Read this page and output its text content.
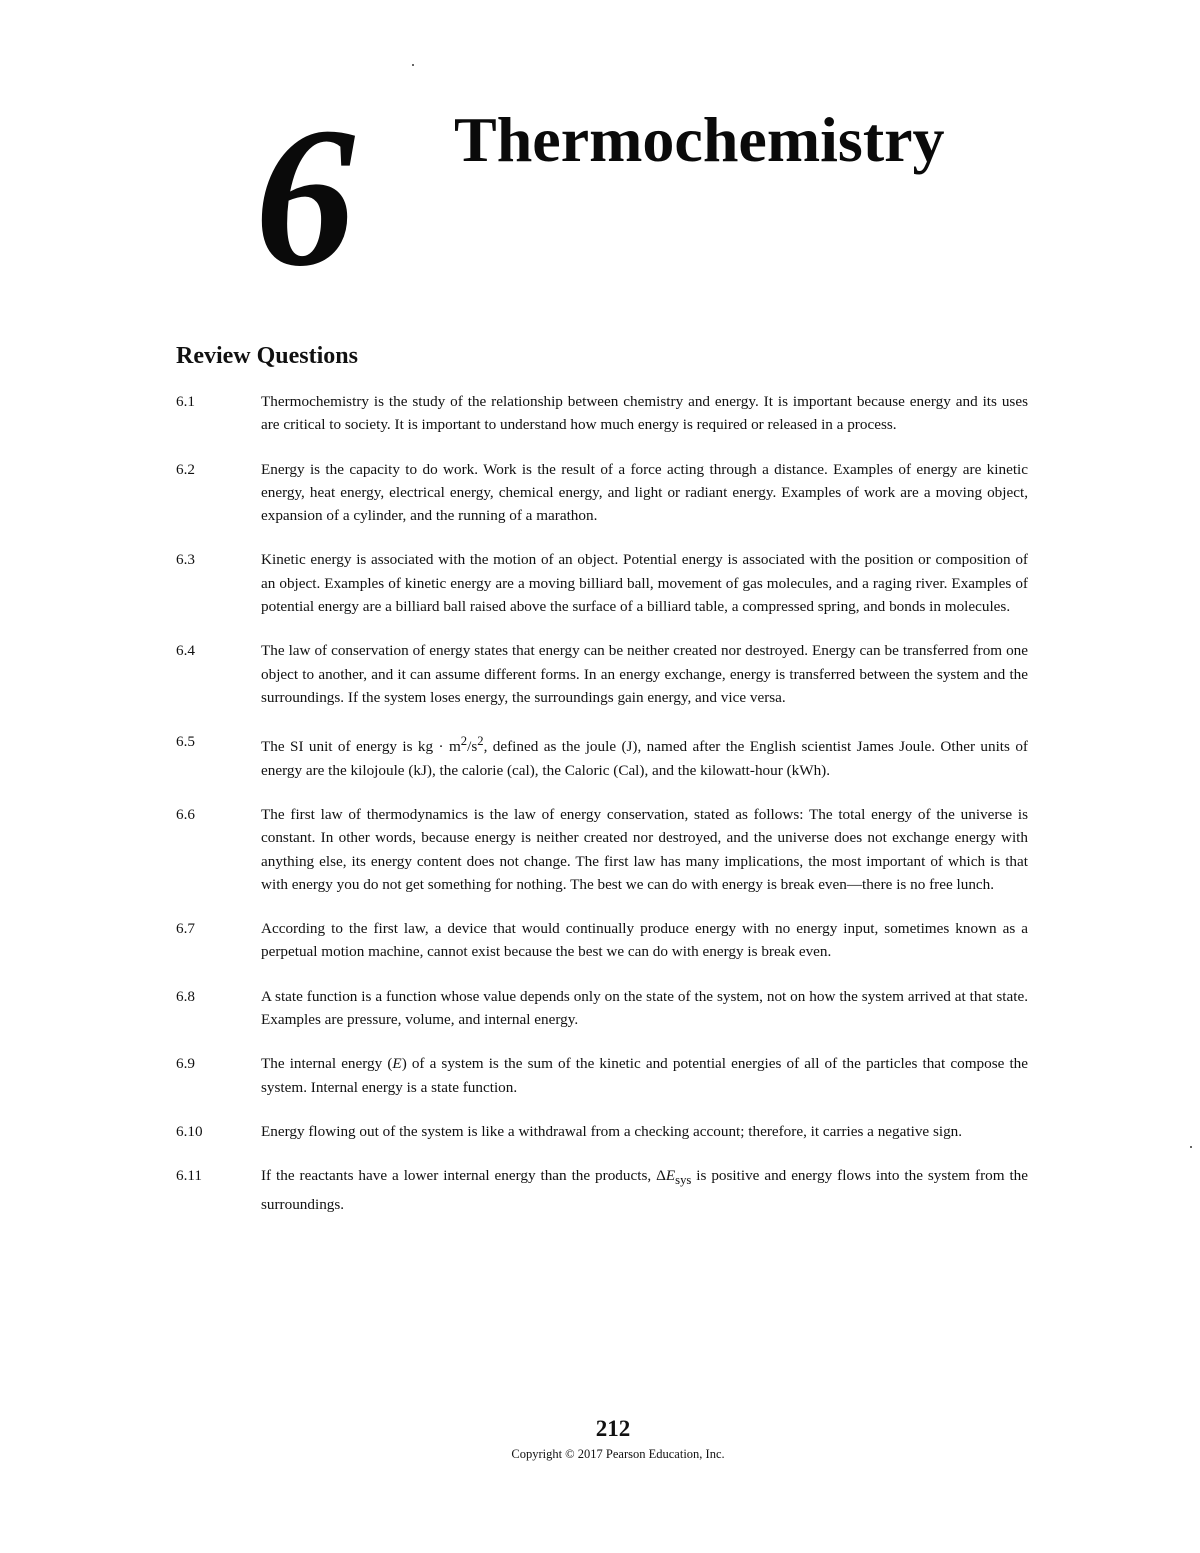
6 Thermochemistry
Review Questions
6.1	Thermochemistry is the study of the relationship between chemistry and energy. It is important because energy and its uses are critical to society. It is important to understand how much energy is required or released in a process.
6.2	Energy is the capacity to do work. Work is the result of a force acting through a distance. Examples of energy are kinetic energy, heat energy, electrical energy, chemical energy, and light or radiant energy. Examples of work are a moving object, expansion of a cylinder, and the running of a marathon.
6.3	Kinetic energy is associated with the motion of an object. Potential energy is associated with the position or composition of an object. Examples of kinetic energy are a moving billiard ball, movement of gas molecules, and a raging river. Examples of potential energy are a billiard ball raised above the surface of a billiard table, a compressed spring, and bonds in molecules.
6.4	The law of conservation of energy states that energy can be neither created nor destroyed. Energy can be transferred from one object to another, and it can assume different forms. In an energy exchange, energy is transferred between the system and the surroundings. If the system loses energy, the surroundings gain energy, and vice versa.
6.5	The SI unit of energy is kg · $m^2/s^2$, defined as the joule (J), named after the English scientist James Joule. Other units of energy are the kilojoule (kJ), the calorie (cal), the Caloric (Cal), and the kilowatt-hour (kWh).
6.6	The first law of thermodynamics is the law of energy conservation, stated as follows: The total energy of the universe is constant. In other words, because energy is neither created nor destroyed, and the universe does not exchange energy with anything else, its energy content does not change. The first law has many implications, the most important of which is that with energy you do not get something for nothing. The best we can do with energy is break even—there is no free lunch.
6.7	According to the first law, a device that would continually produce energy with no energy input, sometimes known as a perpetual motion machine, cannot exist because the best we can do with energy is break even.
6.8	A state function is a function whose value depends only on the state of the system, not on how the system arrived at that state. Examples are pressure, volume, and internal energy.
6.9	The internal energy (E) of a system is the sum of the kinetic and potential energies of all of the particles that compose the system. Internal energy is a state function.
6.10	Energy flowing out of the system is like a withdrawal from a checking account; therefore, it carries a negative sign.
6.11	If the reactants have a lower internal energy than the products, $\Delta E_{sys}$ is positive and energy flows into the system from the surroundings.
212
Copyright © 2017 Pearson Education, Inc.
